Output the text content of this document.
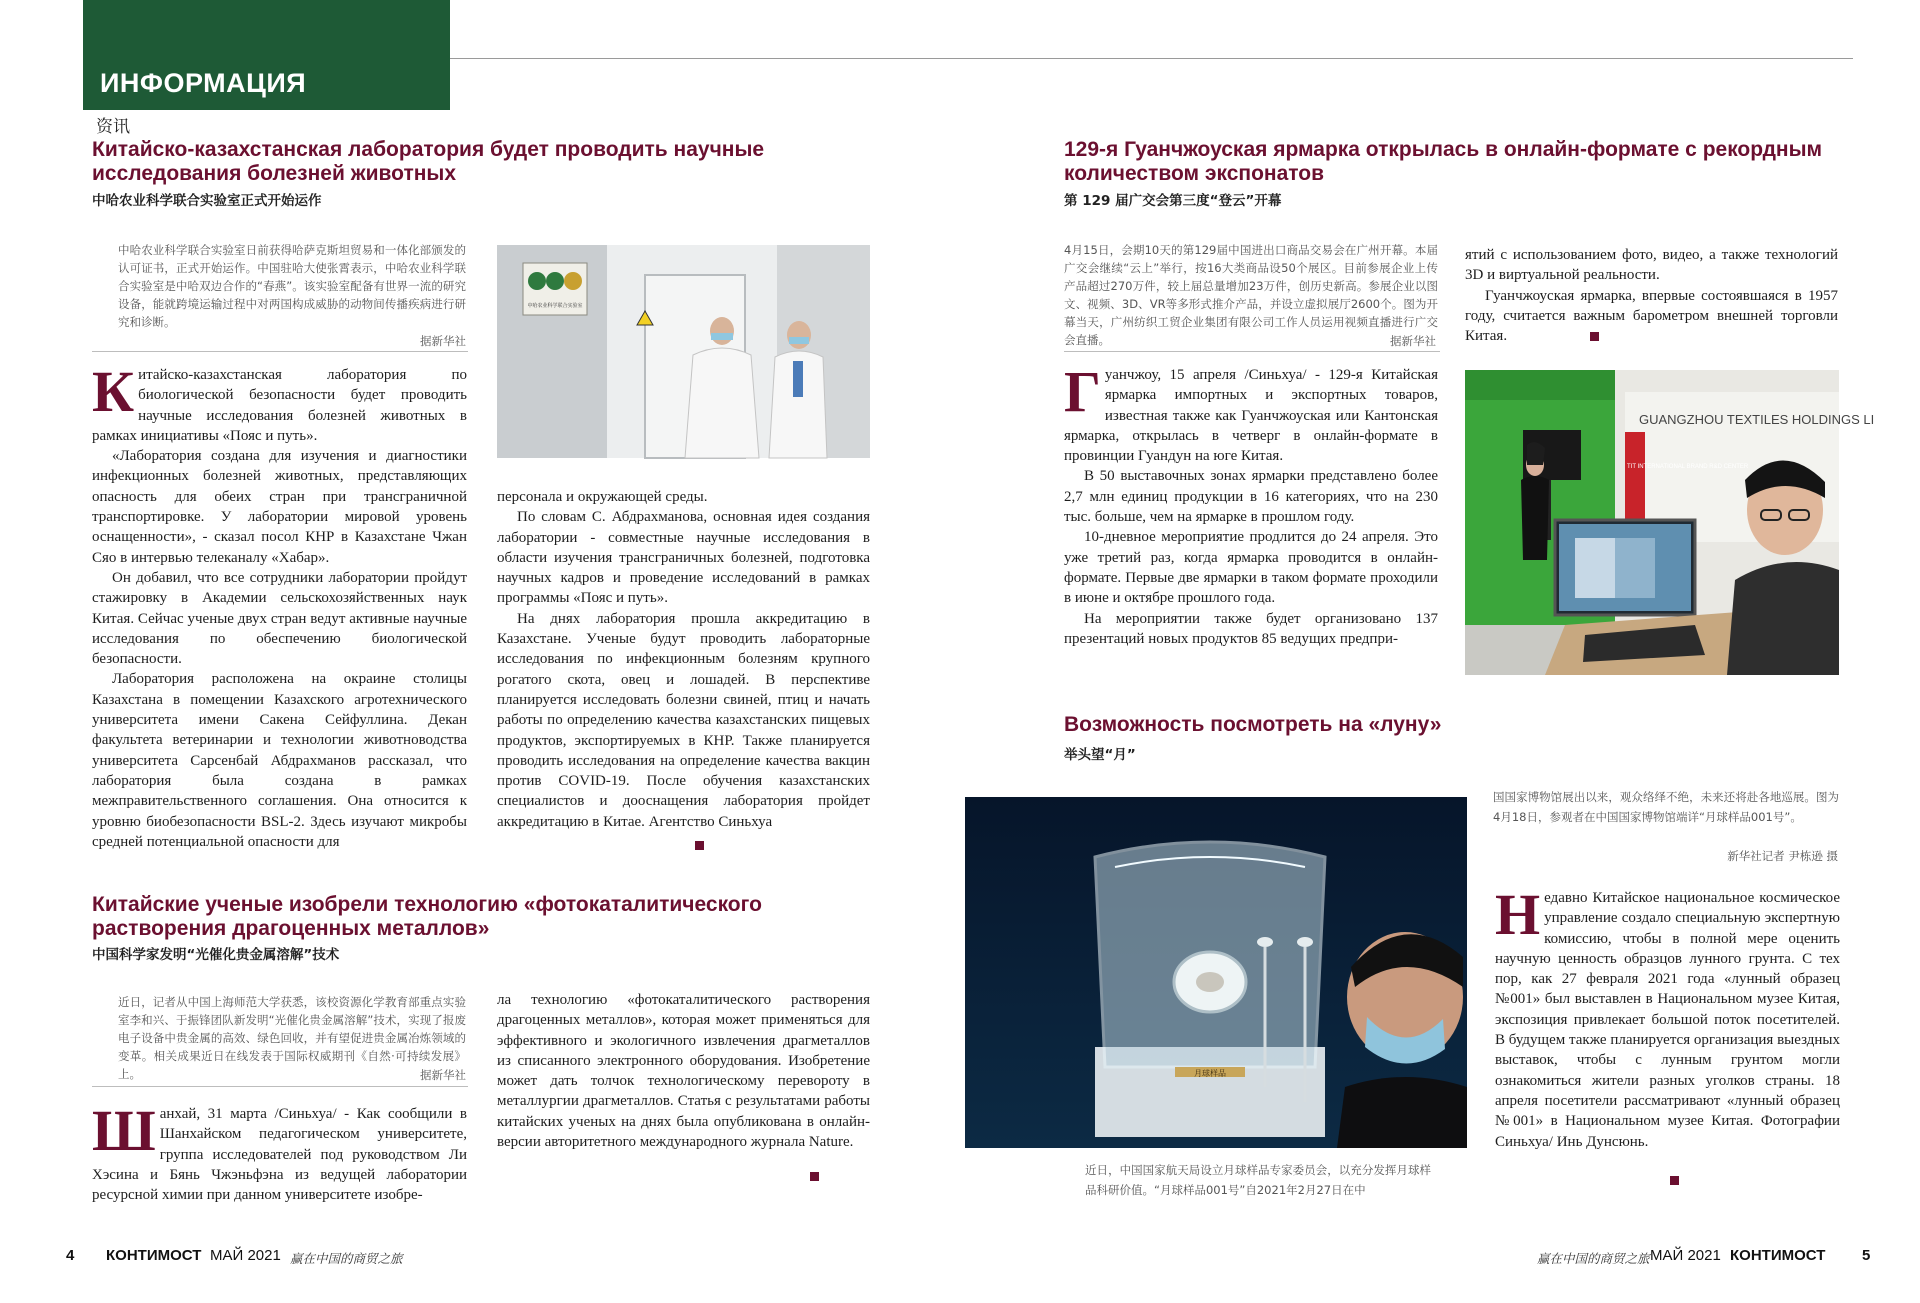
ИНФОРМАЦИЯ
资讯
Китайско-казахстанская лаборатория будет проводить научные исследования болезней животных
中哈农业科学联合实验室正式开始运作
中哈农业科学联合实验室日前获得哈萨克斯坦贸易和一体化部颁发的认可证书，正式开始运作。中国驻哈大使张霄表示，中哈农业科学联合实验室是中哈双边合作的“春燕”。该实验室配备有世界一流的研究设备，能就跨境运输过程中对两国构成威胁的动物间传播疾病进行研究和诊断。
据新华社
К итайско-казахстанская лаборатория по биологической безопасности будет проводить научные исследования болезней животных в рамках инициативы «Пояс и путь».

«Лаборатория создана для изучения и диагностики инфекционных болезней животных, представляющих опасность для обеих стран при трансграничной транспортировке. У лаборатории мировой уровень оснащенности», - сказал посол КНР в Казахстане Чжан Сяо в интервью телеканалу «Хабар».

Он добавил, что все сотрудники лаборатории пройдут стажировку в Академии сельскохозяйственных наук Китая. Сейчас ученые двух стран ведут активные научные исследования по обеспечению биологической безопасности.

Лаборатория расположена на окраине столицы Казахстана в помещении Казахского агротехнического университета имени Сакена Сейфуллина. Декан факультета ветеринарии и технологии животноводства университета Сарсенбай Абдрахманов рассказал, что лаборатория была создана в рамках межправительственного соглашения. Она относится к уровню биобезопасности BSL-2. Здесь изучают микробы средней потенциальной опасности для

中哈农业科学联合实验室

персонала и окружающей среды.

По словам С. Абдрахманова, основная идея создания лаборатории - совместные научные исследования в области изучения трансграничных болезней, подготовка научных кадров и проведение исследований в рамках программы «Пояс и путь».

На днях лаборатория прошла аккредитацию в Казахстане. Ученые будут проводить лабораторные исследования по инфекционным болезням крупного рогатого скота, овец и лошадей. В перспективе планируется исследовать болезни свиней, птиц и начать работы по определению качества казахстанских пищевых продуктов, экспортируемых в КНР. Также планируется проводить исследования на определение качества вакцин против COVID-19. После обучения казахстанских специалистов и дооснащения лаборатория пройдет аккредитацию в Китае. Агентство Синьхуа

Китайские ученые изобрели технологию «фотокаталитического растворения драгоценных металлов»
中国科学家发明“光催化贵金属溶解”技术
近日，记者从中国上海师范大学获悉，该校资源化学教育部重点实验室李和兴、于振锋团队新发明“光催化贵金属溶解”技术，实现了报废电子设备中贵金属的高效、绿色回收，并有望促进贵金属冶炼领域的变革。相关成果近日在线发表于国际权威期刊《自然·可持续发展》上。	据新华社
Ш анхай, 31 марта /Синьхуа/ - Как сообщили в Шанхайском педагогическом университете, группа исследователей под руководством Ли Хэсина и Бянь Чжэньфэна из ведущей лаборатории ресурсной химии при данном университете изобре-

ла технологию «фотокаталитического растворения драгоценных металлов», которая может применяться для эффективного и экологичного извлечения драгметаллов из списанного электронного оборудования. Изобретение может дать толчок технологическому перевороту в металлургии драгметаллов. Статья с результатами работы китайских ученых на днях была опубликована в онлайн-версии авторитетного международного журнала Nature.

129-я Гуанчжоуская ярмарка открылась в онлайн-формате с рекордным количеством экспонатов
第 129 届广交会第三度“登云”开幕
4月15日，会期10天的第129届中国进出口商品交易会在广州开幕。本届广交会继续“云上”举行，按16大类商品设50个展区。目前参展企业上传产品超过270万件，较上届总量增加23万件，创历史新高。参展企业以图文、视频、3D、VR等多形式推介产品，并设立虚拟展厅2600个。图为开幕当天，广州纺织工贸企业集团有限公司工作人员运用视频直播进行广交会直播。	据新华社
Г уанчжоу, 15 апреля /Синьхуа/ - 129-я Китайская ярмарка импортных и экспортных товаров, известная также как Гуанчжоуская или Кантонская ярмарка, открылась в четверг в онлайн-формате в провинции Гуандун на юге Китая.

В 50 выставочных зонах ярмарки представлено более 2,7 млн единиц продукции в 16 категориях, что на 230 тыс. больше, чем на ярмарке в прошлом году.

10-дневное мероприятие продлится до 24 апреля. Это уже третий раз, когда ярмарка проводится в онлайн-формате. Первые две ярмарки в таком формате проходили в июне и октябре прошлого года.

На мероприятии также будет организовано 137 презентаций новых продуктов 85 ведущих предпри-

ятий с использованием фото, видео, а также технологий 3D и виртуальной реальности.

Гуанчжоуская ярмарка, впервые состоявшаяся в 1957 году, считается важным барометром внешней торговли Китая.

GUANGZHOU TEXTILES HOLDINGS LI
TIT INTERNATIONAL BRAND R&D CENTER
Возможность посмотреть на «луну»
举头望“月”
月球样品
国国家博物馆展出以来，观众络绎不绝，未来还将赴各地巡展。图为4月18日，参观者在中国国家博物馆端详“月球样品001号”。
新华社记者 尹栋逊 摄
Н едавно Китайское национальное космическое управление создало специальную экспертную комиссию, чтобы в полной мере оценить научную ценность образцов лунного грунта. С тех пор, как 27 февраля 2021 года «лунный образец №001» был выставлен в Национальном музее Китая, экспозиция привлекает большой поток посетителей. В будущем также планируется организация выездных выставок, чтобы с лунным грунтом могли ознакомиться жители разных уголков страны. 18 апреля посетители рассматривают «лунный образец №001» в Национальном музее Китая. Фотографии Синьхуа/ Инь Дунсюнь.

近日，中国国家航天局设立月球样品专家委员会，以充分发挥月球样品科研价值。“月球样品001号”自2021年2月27日在中
4 КОНТИМОСТ МАЙ 2021 赢在中国的商贸之旅	赢在中国的商贸之旅 МАЙ 2021 КОНТИМОСТ 5
